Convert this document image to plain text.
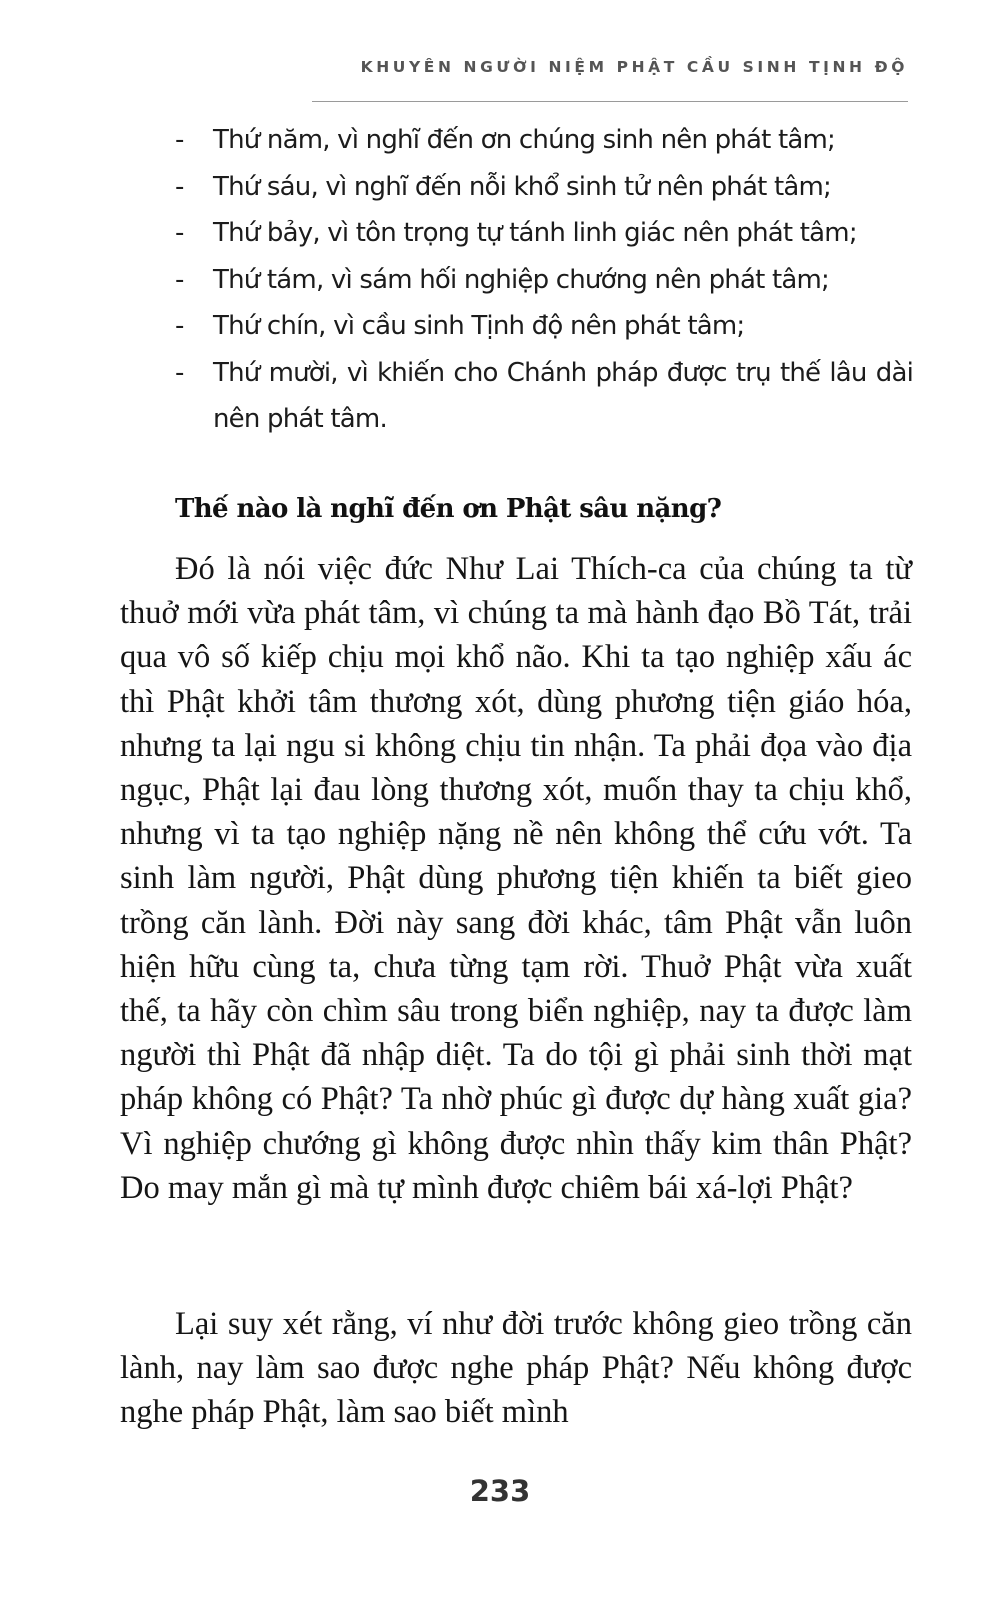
KHUYÊN NGƯỜI NIỆM PHẬT CẦU SINH TỊNH ĐỘ
- Thứ năm, vì nghĩ đến ơn chúng sinh nên phát tâm;
- Thứ sáu, vì nghĩ đến nỗi khổ sinh tử nên phát tâm;
- Thứ bảy, vì tôn trọng tự tánh linh giác nên phát tâm;
- Thứ tám, vì sám hối nghiệp chướng nên phát tâm;
- Thứ chín, vì cầu sinh Tịnh độ nên phát tâm;
- Thứ mười, vì khiến cho Chánh pháp được trụ thế lâu dài nên phát tâm.
Thế nào là nghĩ đến ơn Phật sâu nặng?

Đó là nói việc đức Như Lai Thích-ca của chúng ta từ thuở mới vừa phát tâm, vì chúng ta mà hành đạo Bồ Tát, trải qua vô số kiếp chịu mọi khổ não. Khi ta tạo nghiệp xấu ác thì Phật khởi tâm thương xót, dùng phương tiện giáo hóa, nhưng ta lại ngu si không chịu tin nhận. Ta phải đọa vào địa ngục, Phật lại đau lòng thương xót, muốn thay ta chịu khổ, nhưng vì ta tạo nghiệp nặng nề nên không thể cứu vớt. Ta sinh làm người, Phật dùng phương tiện khiến ta biết gieo trồng căn lành. Đời này sang đời khác, tâm Phật vẫn luôn hiện hữu cùng ta, chưa từng tạm rời. Thuở Phật vừa xuất thế, ta hãy còn chìm sâu trong biển nghiệp, nay ta được làm người thì Phật đã nhập diệt. Ta do tội gì phải sinh thời mạt pháp không có Phật? Ta nhờ phúc gì được dự hàng xuất gia? Vì nghiệp chướng gì không được nhìn thấy kim thân Phật? Do may mắn gì mà tự mình được chiêm bái xá-lợi Phật?

Lại suy xét rằng, ví như đời trước không gieo trồng căn lành, nay làm sao được nghe pháp Phật? Nếu không được nghe pháp Phật, làm sao biết mình

233
